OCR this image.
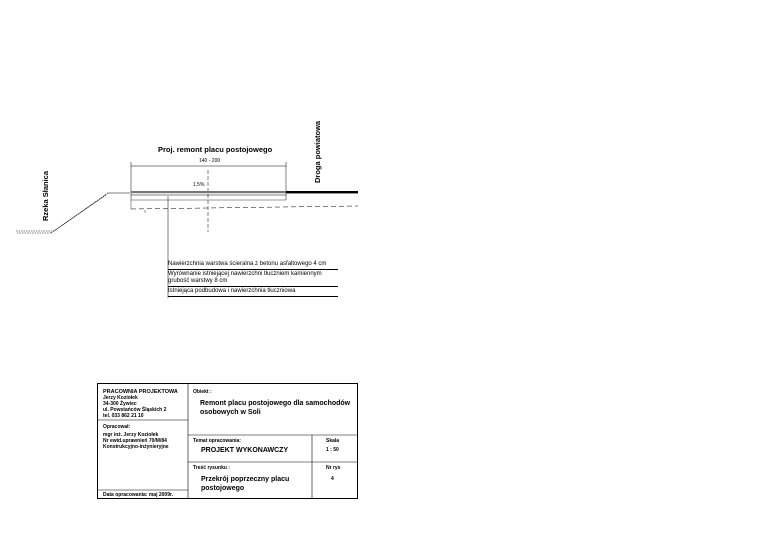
Proj. remont placu postojowego
140 - 200
1.5%
Rzeka Słanica
Droga powiatowa
Nawierzchnia warstwa ścieralna z betonu asfaltowego 4 cm
Wyrównanie istniejącej nawierzchni tłuczniem kamiennym grubość warstwy 8 cm
Istniejąca podbudowa i nawierzchnia tłuczniowa
PRACOWNIA PROJEKTOWA
Jerzy Koziołek
34-300 Żywiec
ul. Powstańców Śląskich 2
tel. 033 862 21 10
Opracował:
mgr inż. Jerzy Koziołek
Nr ewid.uprawnień 70/M/84
Konstrukcyjno-inżynieryjne
Data opracowania: maj 2009r.
Obiekt :
Remont placu postojowego dla samochodów osobowych w Soli
Temat opracowania:
PROJEKT WYKONAWCZY
Skala
1 : 50
Treść rysunku :
Przekrój poprzeczny placu postojowego
Nr rys
4
